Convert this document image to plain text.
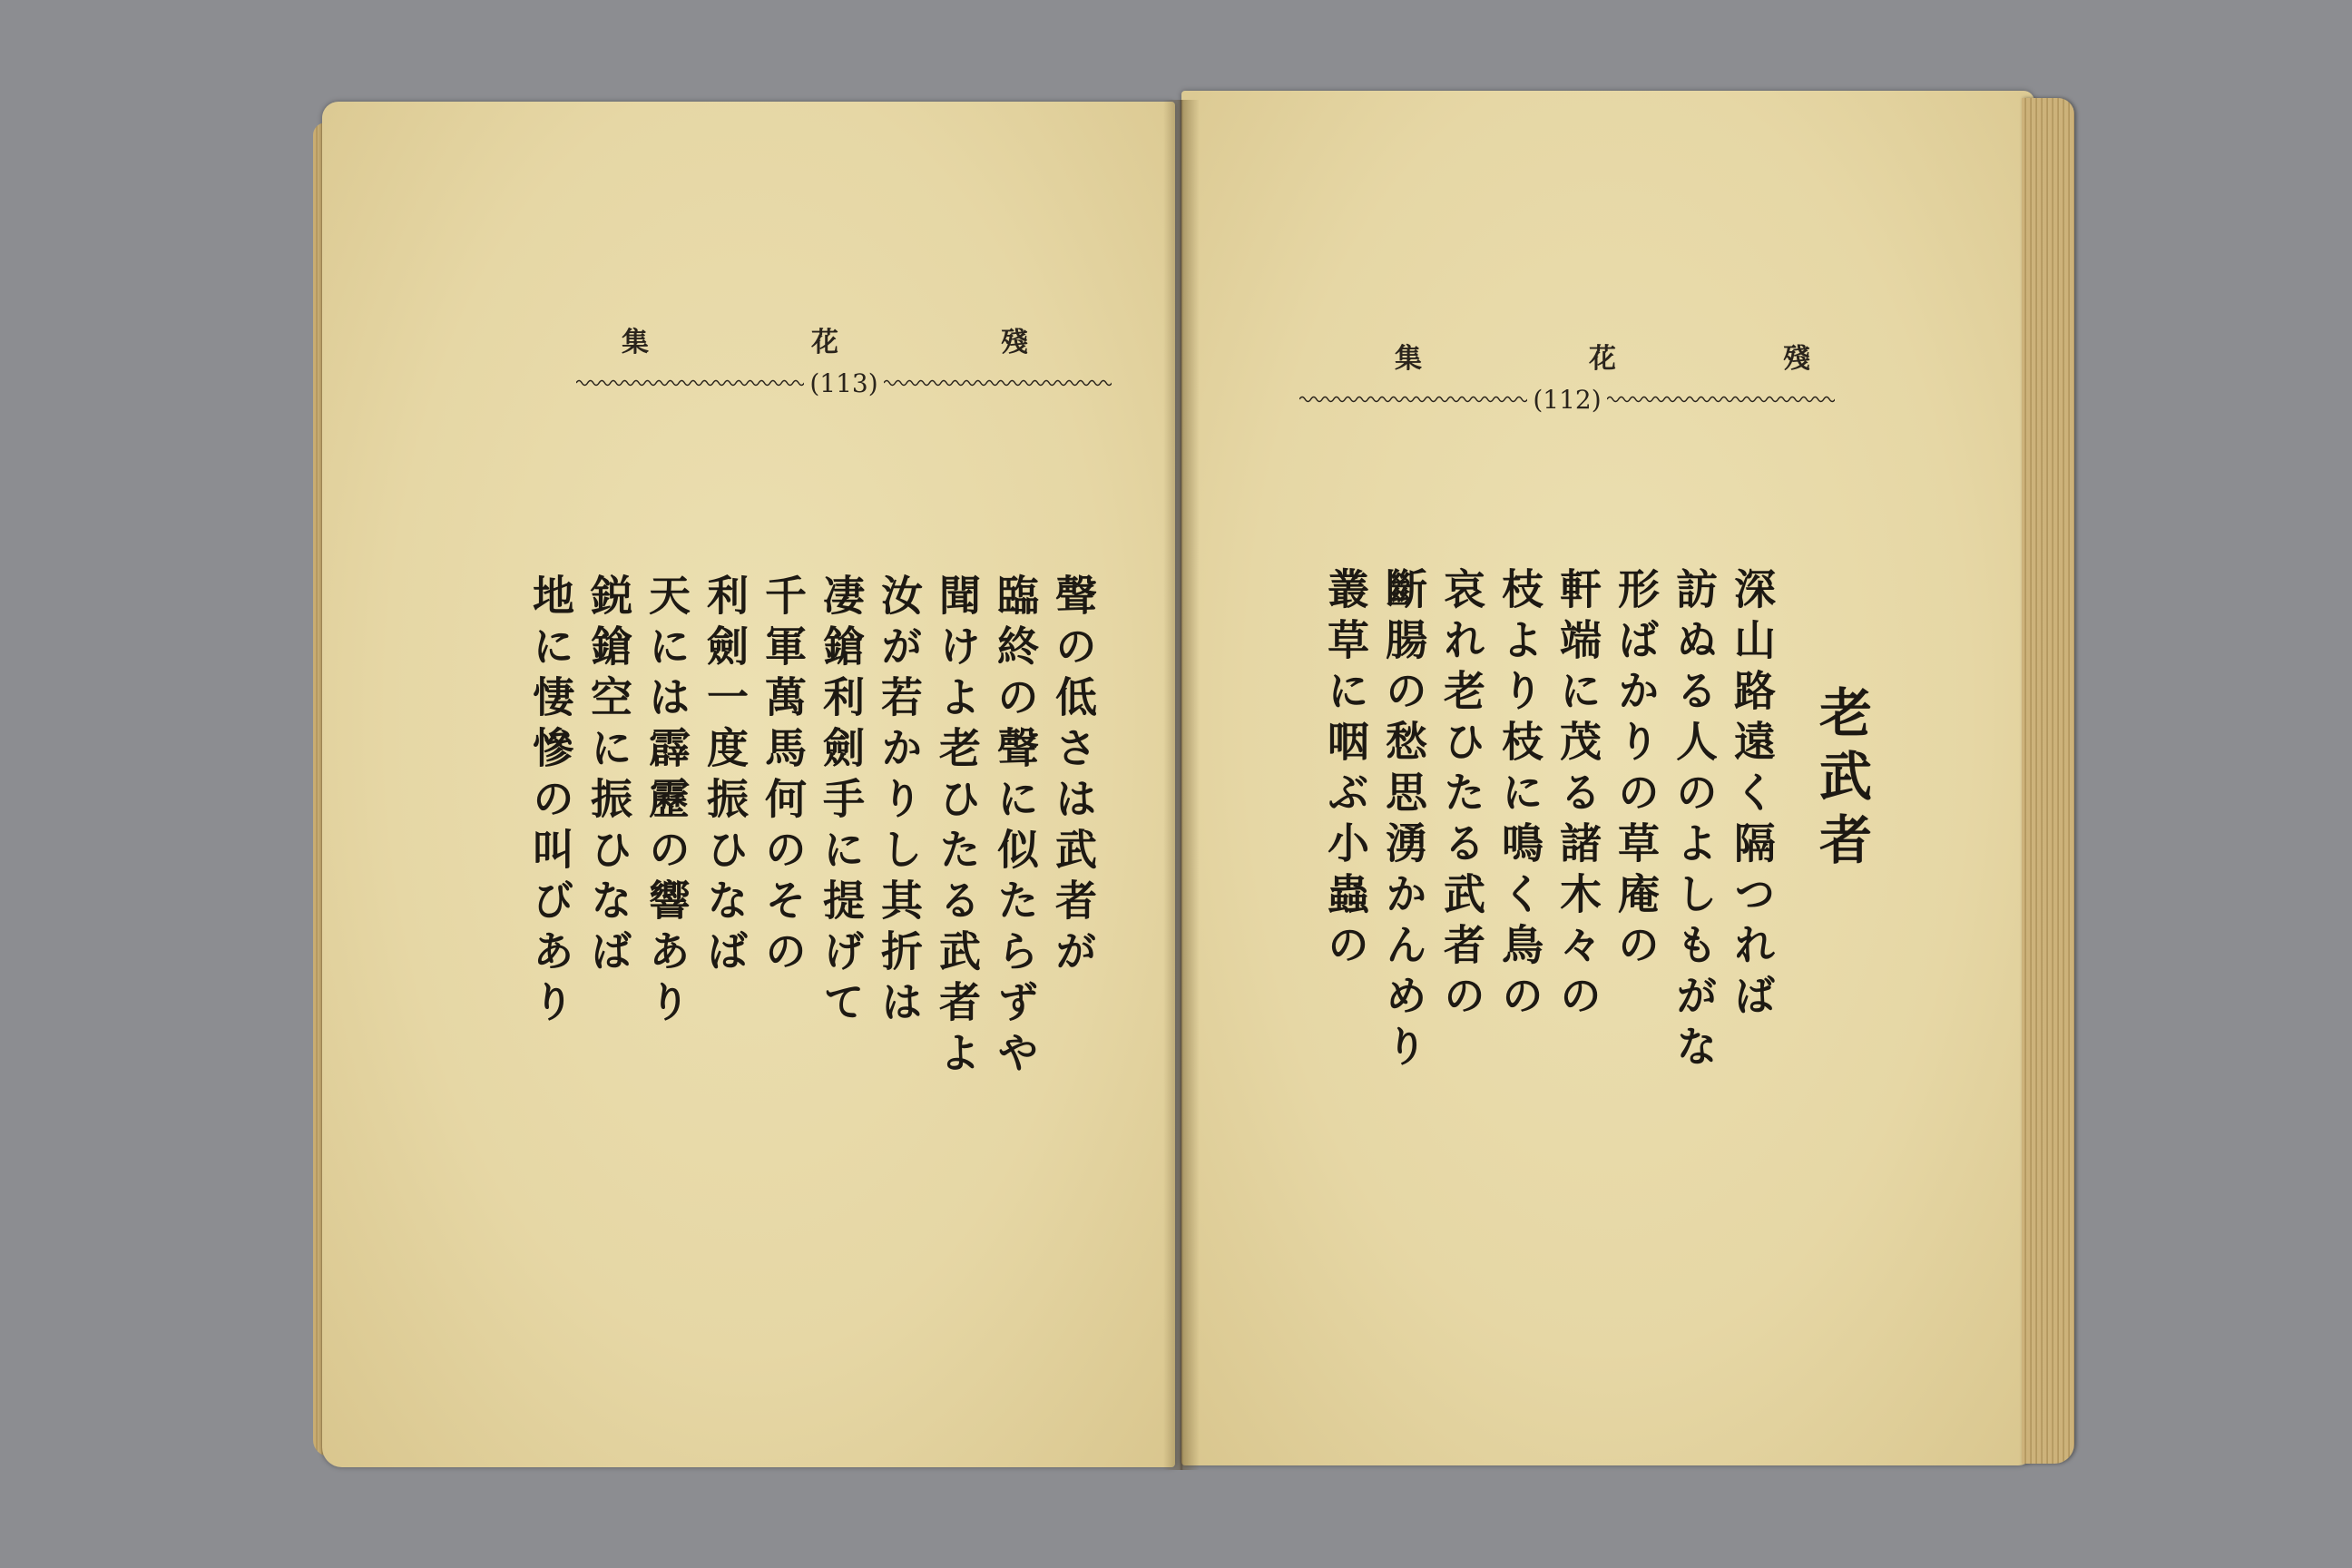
集	花	殘
(113)
聲の低さは武者が
臨終の聲に似たらずや
聞けよ老ひたる武者よ
汝が若かりし其折は
凄鎗利劍手に提げて
千軍萬馬何のその
利劍一度振ひなば
天には霹靂の響あり
鋭鎗空に振ひなば
地に悽慘の叫びあり
集	花	殘
(112)
老武者
深山路遠く隔つれば
訪ぬる人のよしもがな
形ばかりの草庵の
軒端に茂る諸木々の
枝より枝に鳴く鳥の
哀れ老ひたる武者の
斷腸の愁思湧かんめり
叢草に咽ぶ小蟲の
